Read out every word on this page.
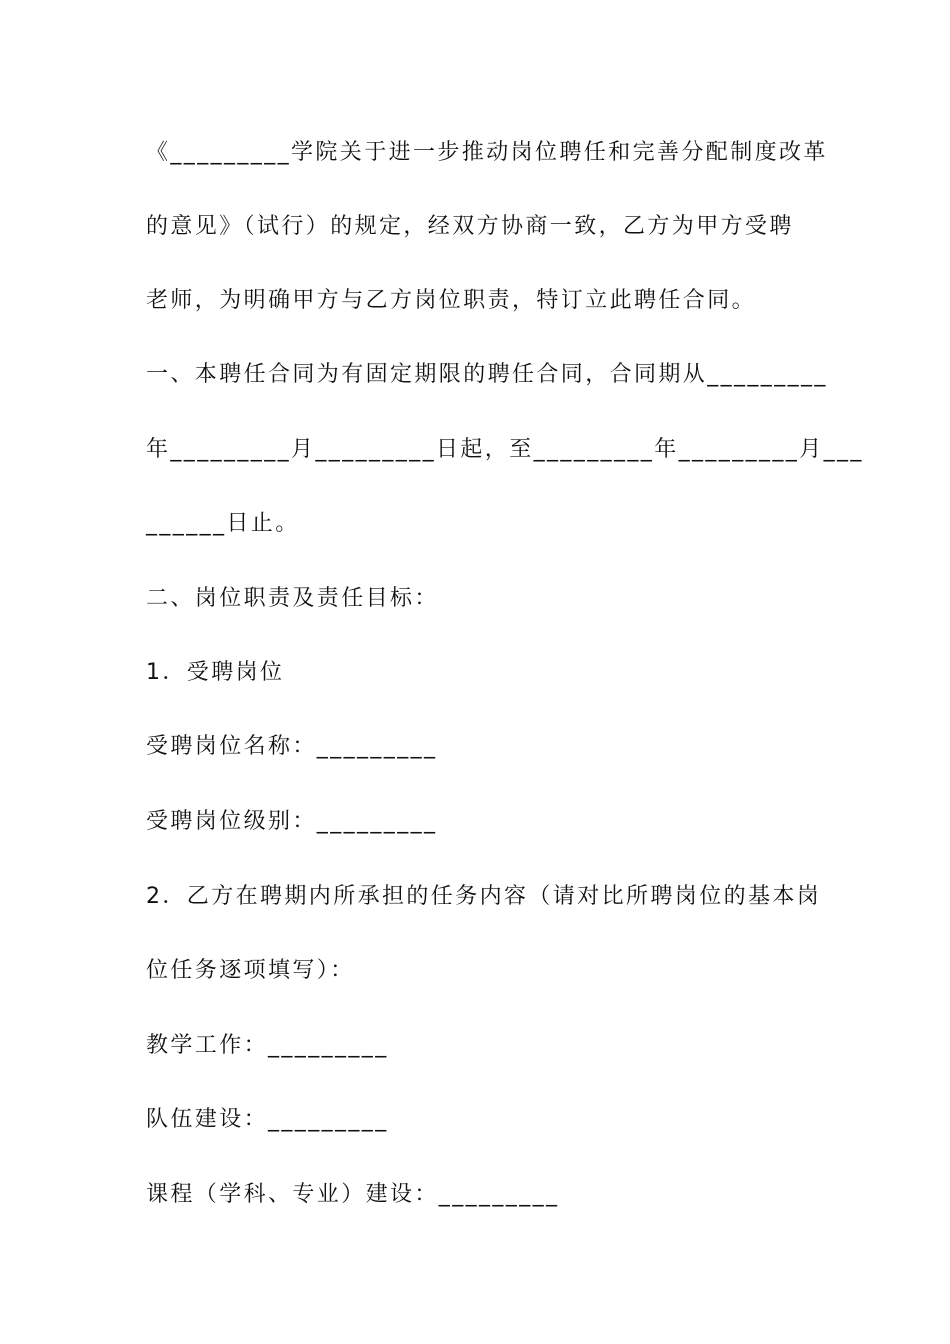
《_________学院关于进一步推动岗位聘任和完善分配制度改革
的意见》（试行）的规定，经双方协商一致，乙方为甲方受聘
老师，为明确甲方与乙方岗位职责，特订立此聘任合同。
一、本聘任合同为有固定期限的聘任合同，合同期从_________
年_________月_________日起，至_________年_________月___
______日止。
二、岗位职责及责任目标：
1．受聘岗位
受聘岗位名称：_________
受聘岗位级别：_________
2．乙方在聘期内所承担的任务内容（请对比所聘岗位的基本岗
位任务逐项填写）：
教学工作：_________
队伍建设：_________
课程（学科、专业）建设：_________
